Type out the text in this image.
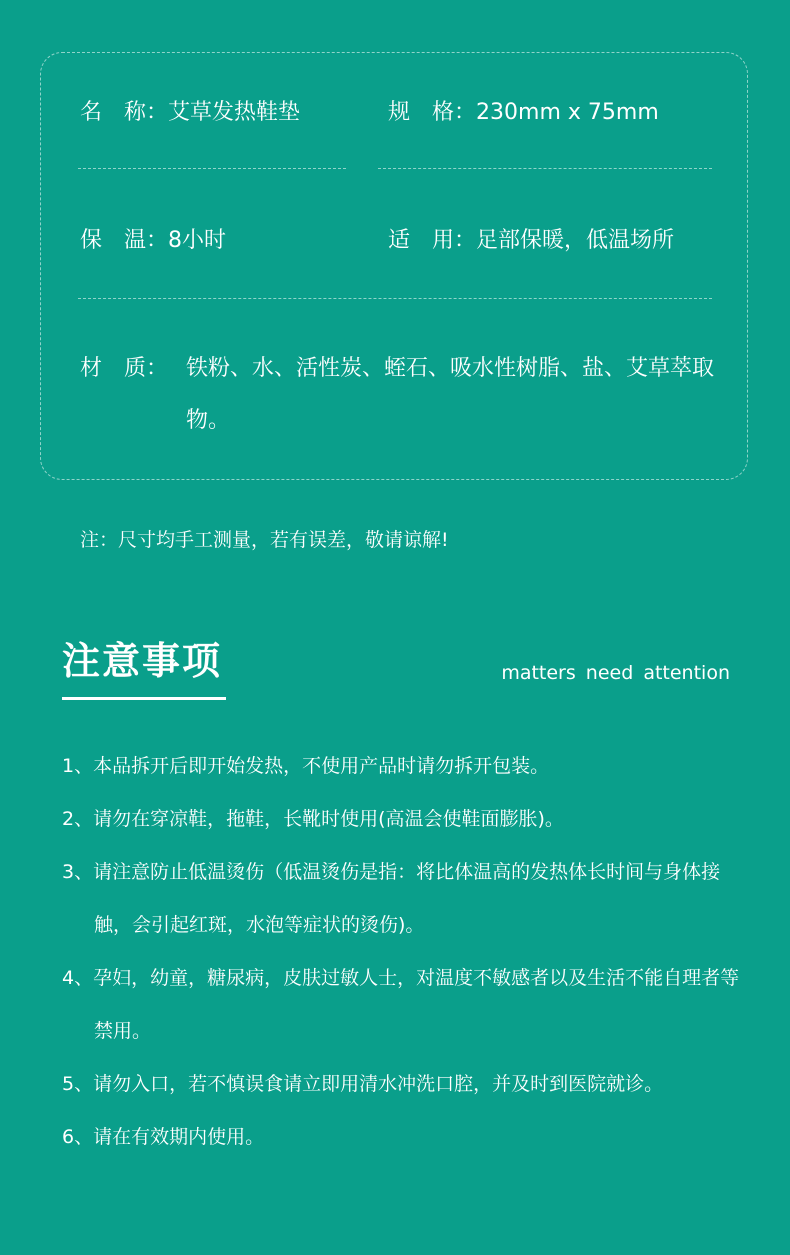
名　称：艾草发热鞋垫	规　格：230mm x 75mm
保　温：8小时	适　用：足部保暖，低温场所
材　质： 铁粉、水、活性炭、蛭石、吸水性树脂、盐、艾草萃取物。
注：尺寸均手工测量，若有误差，敬请谅解!
注意事项	matters need attention
1、本品拆开后即开始发热，不使用产品时请勿拆开包装。
2、请勿在穿凉鞋，拖鞋，长靴时使用(高温会使鞋面膨胀)。
3、请注意防止低温烫伤（低温烫伤是指：将比体温高的发热体长时间与身体接触，会引起红斑，水泡等症状的烫伤)。
4、孕妇，幼童，糖尿病，皮肤过敏人士，对温度不敏感者以及生活不能自理者等禁用。
5、请勿入口，若不慎误食请立即用清水冲洗口腔，并及时到医院就诊。
6、请在有效期内使用。
